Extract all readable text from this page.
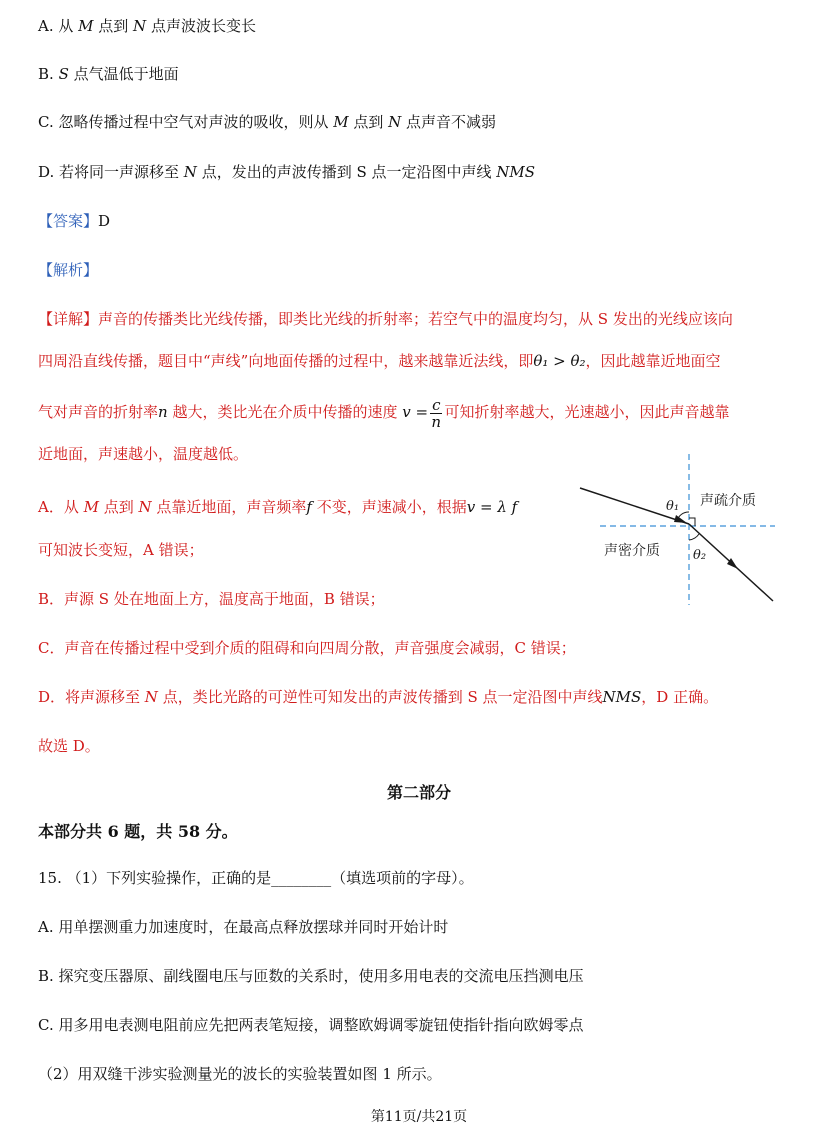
A. 从 M 点到 N 点声波波长变长
B. S 点气温低于地面
C. 忽略传播过程中空气对声波的吸收，则从 M 点到 N 点声音不减弱
D. 若将同一声源移至 N 点，发出的声波传播到 S 点一定沿图中声线 NMS
【答案】D
【解析】
【详解】声音的传播类比光线传播，即类比光线的折射率；若空气中的温度均匀，从 S 发出的光线应该向
四周沿直线传播，题目中“声线”向地面传播的过程中，越来越靠近法线，即θ₁ > θ₂，因此越靠近地面空
气对声音的折射率n 越大，类比光在介质中传播的速度 $v = \frac{c}{n}$ 可知折射率越大，光速越小，因此声音越靠
近地面，声速越小，温度越低。
A．从 M 点到 N 点靠近地面，声音频率f 不变，声速减小，根据v = λ f
可知波长变短，A 错误；
B．声源 S 处在地面上方，温度高于地面，B 错误；
C．声音在传播过程中受到介质的阻碍和向四周分散，声音强度会减弱，C 错误；
D．将声源移至 N 点，类比光路的可逆性可知发出的声波传播到 S 点一定沿图中声线NMS，D 正确。
故选 D。
θ₁
θ₂
声疏介质
声密介质
第二部分
本部分共 6 题，共 58 分。
15. （1）下列实验操作，正确的是________（填选项前的字母）。
A. 用单摆测重力加速度时，在最高点释放摆球并同时开始计时
B. 探究变压器原、副线圈电压与匝数的关系时，使用多用电表的交流电压挡测电压
C. 用多用电表测电阻前应先把两表笔短接，调整欧姆调零旋钮使指针指向欧姆零点
（2）用双缝干涉实验测量光的波长的实验装置如图 1 所示。
第11页/共21页
